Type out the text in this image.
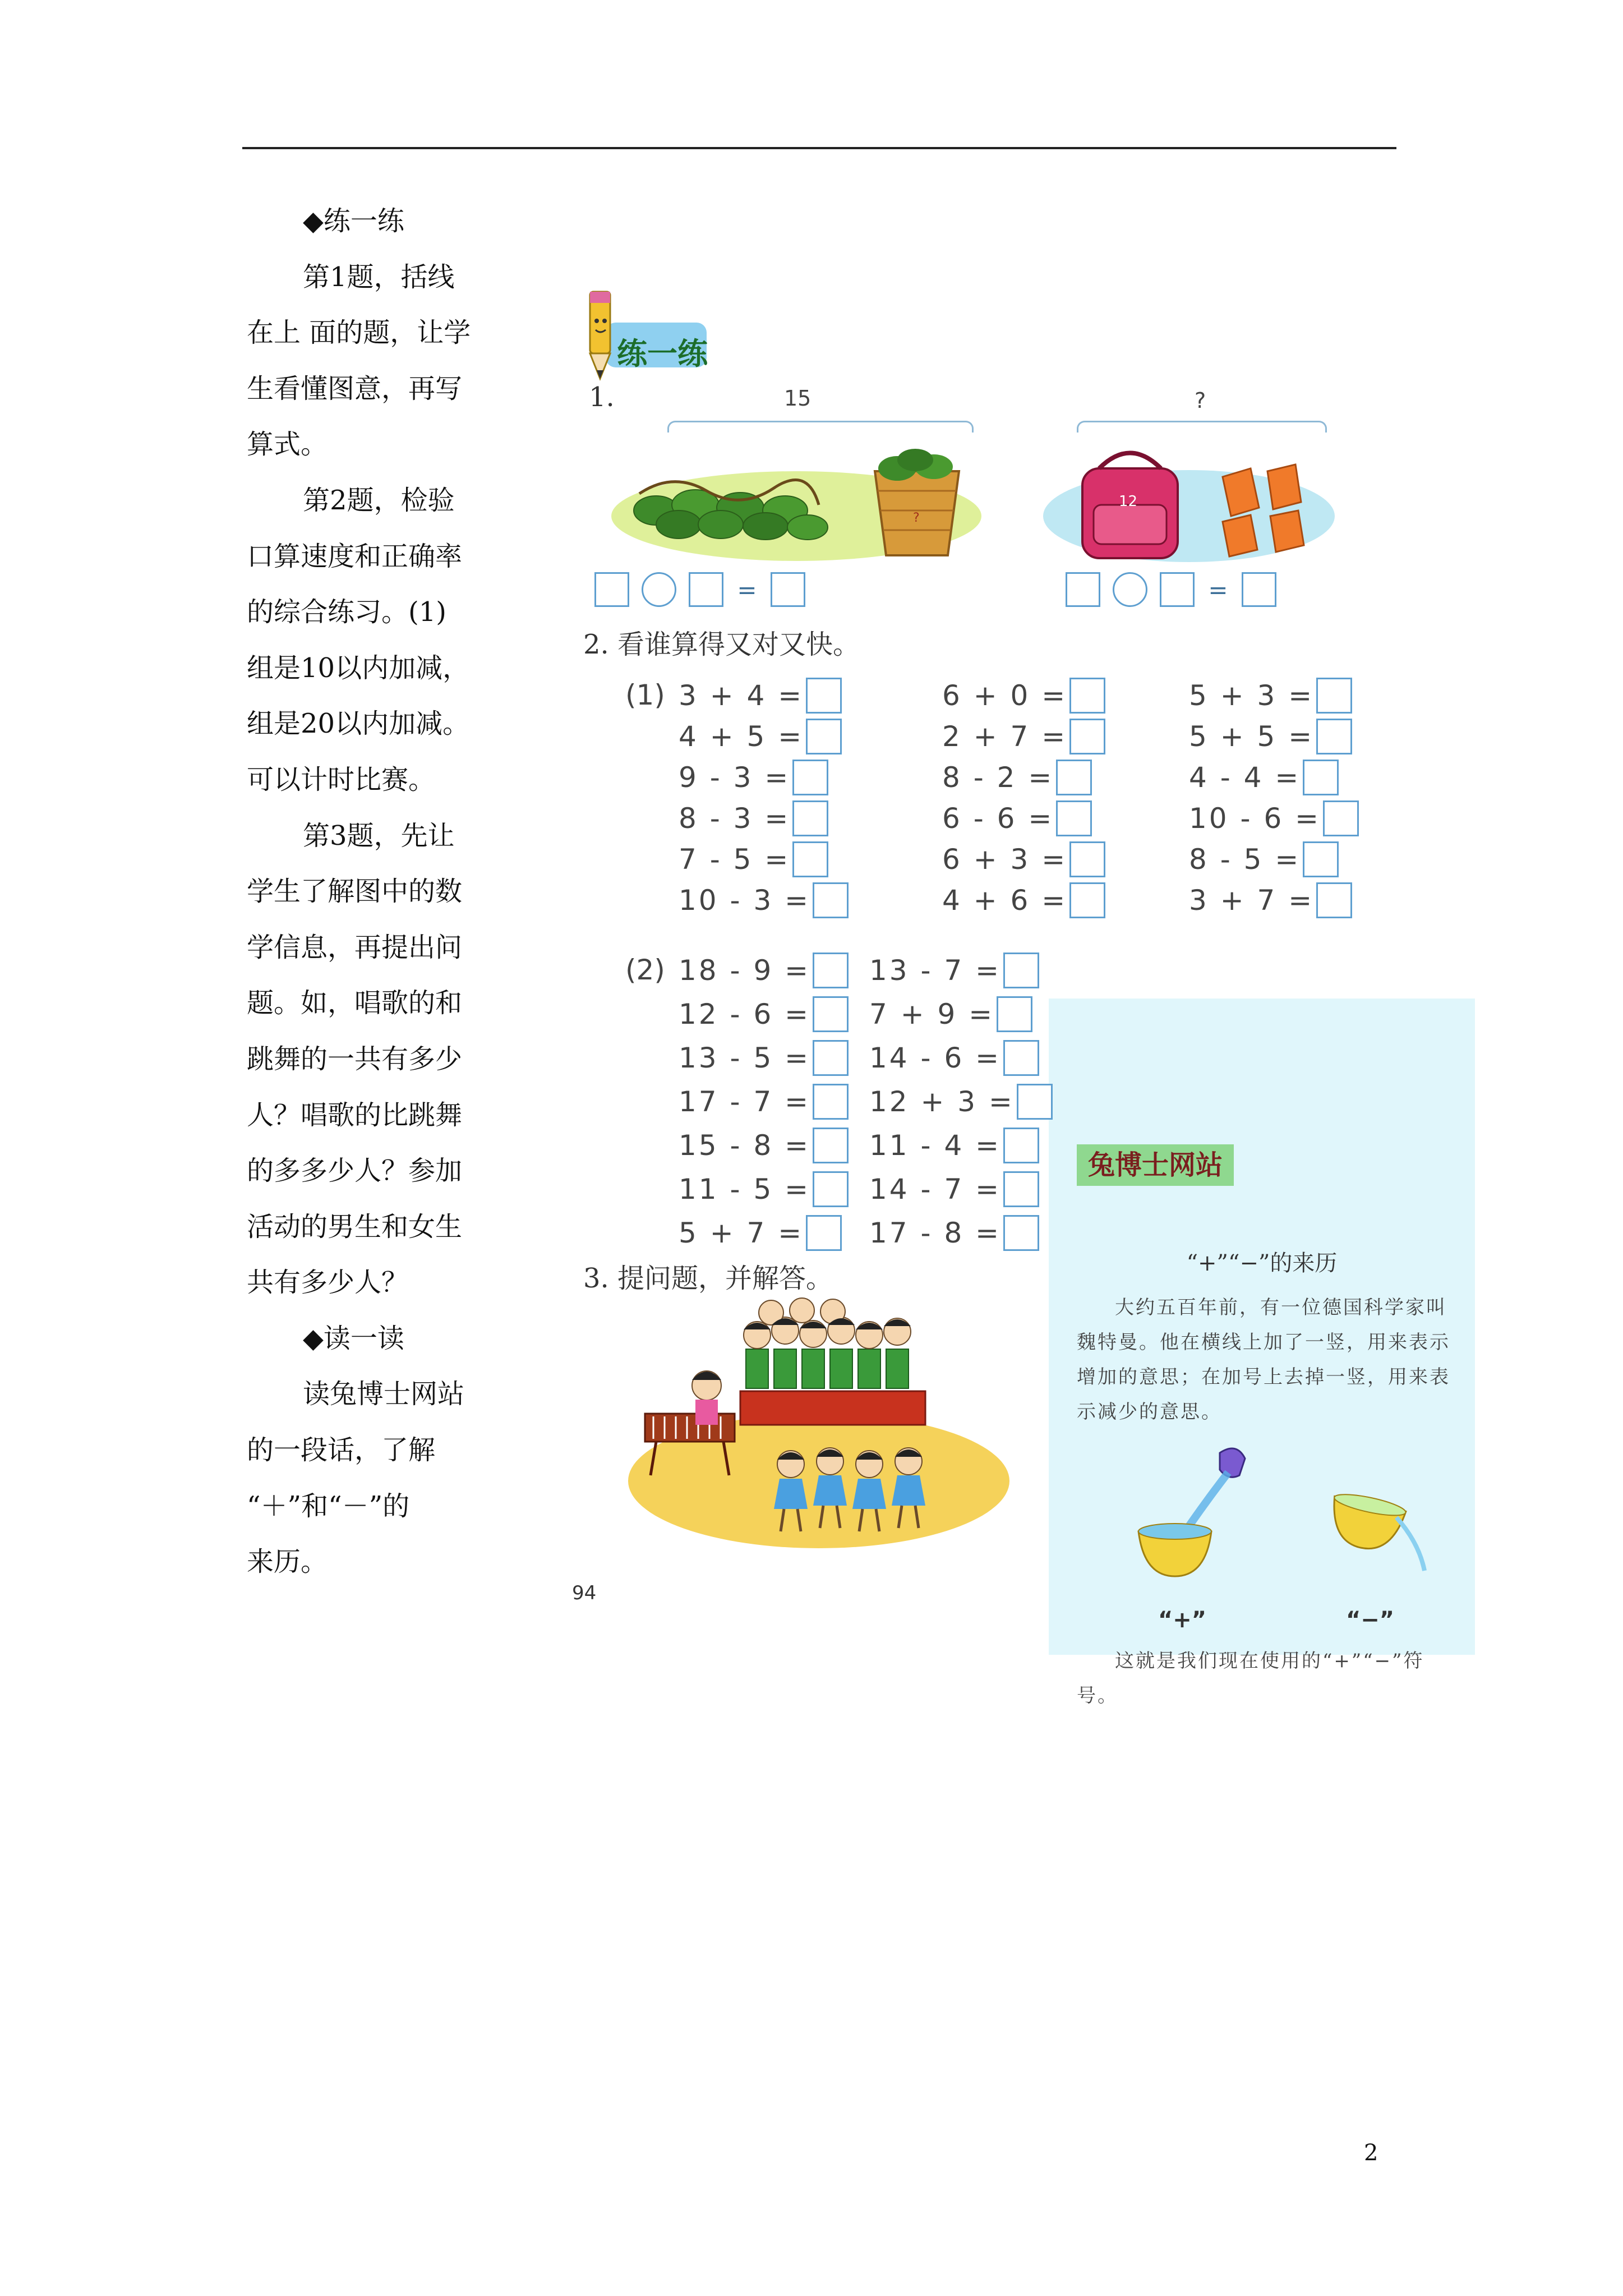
◆练一练
第1题，括线
在上 面的题，让学
生看懂图意，再写
算式。
第2题，检验
口算速度和正确率
的综合练习。(1)
组是10以内加减，
组是20以内加减。
可以计时比赛。
第3题，先让
学生了解图中的数
学信息，再提出问
题。如，唱歌的和
跳舞的一共有多少
人？唱歌的比跳舞
的多多少人？参加
活动的男生和女生
共有多少人？
◆读一读
读兔博士网站
的一段话，了解
“＋”和“－”的
来历。
练一练
1.	15	?
?
12
=	=
2. 看谁算得又对又快。
(1)
(2)
3. 提问题，并解答。
94
兔博士网站
“+”“−”的来历
大约五百年前，有一位德国科学家叫魏特曼。他在横线上加了一竖，用来表示增加的意思；在加号上去掉一竖，用来表示减少的意思。
“+”	“−”
这就是我们现在使用的“+”“−”符号。
3 + 4 =	6 + 0 =	5 + 3 =
4 + 5 =	2 + 7 =	5 + 5 =
9 - 3 =	8 - 2 =	4 - 4 =
8 - 3 =	6 - 6 =	10 - 6 =
7 - 5 =	6 + 3 =	8 - 5 =
10 - 3 =	4 + 6 =	3 + 7 =
18 - 9 = 13 - 7 =
12 - 6 = 7 + 9 =
13 - 5 = 14 - 6 =
17 - 7 = 12 + 3 =
15 - 8 = 11 - 4 =
11 - 5 = 14 - 7 =
5 + 7 = 17 - 8 =
2
